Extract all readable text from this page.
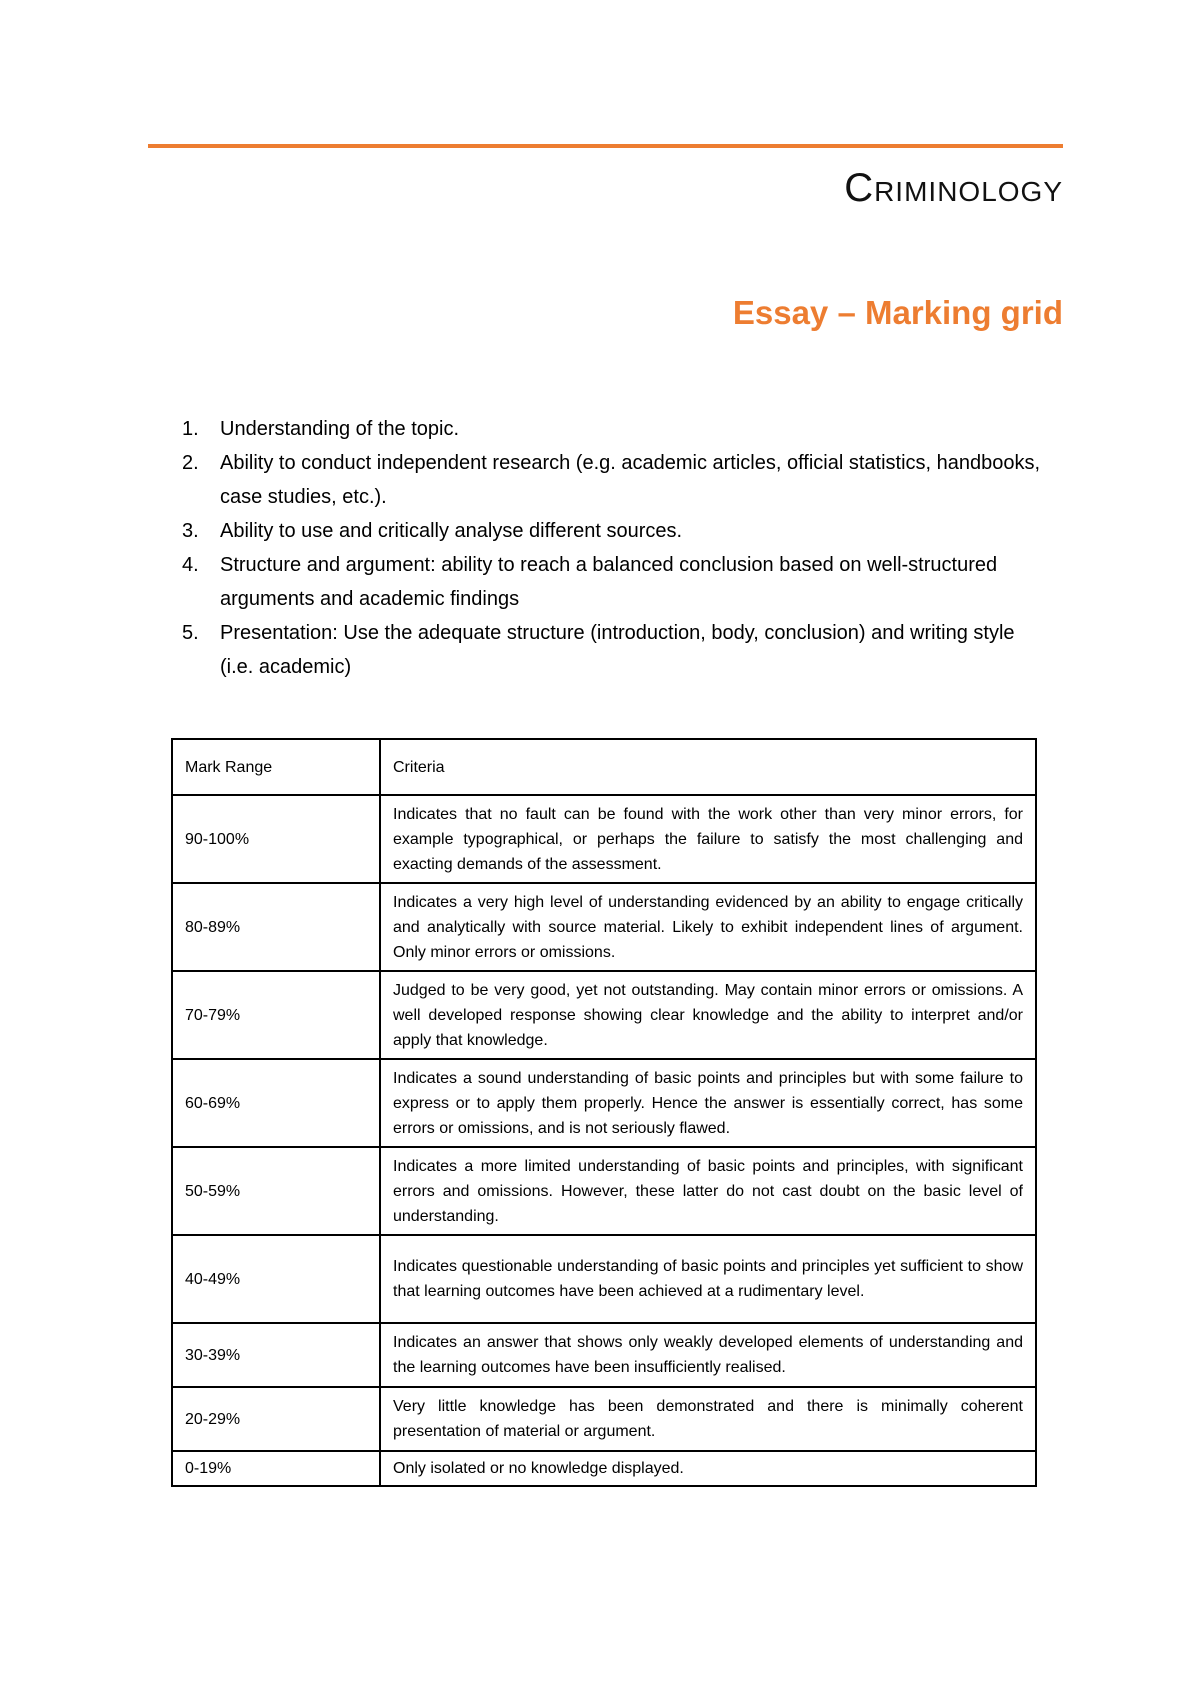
Criminology
Essay – Marking grid
1. Understanding of the topic.
2. Ability to conduct independent research (e.g. academic articles, official statistics, handbooks, case studies, etc.).
3. Ability to use and critically analyse different sources.
4. Structure and argument: ability to reach a balanced conclusion based on well-structured arguments and academic findings
5. Presentation: Use the adequate structure (introduction, body, conclusion) and writing style (i.e. academic)
Mark Range	Criteria
90-100%	Indicates that no fault can be found with the work other than very minor errors, for example typographical, or perhaps the failure to satisfy the most challenging and exacting demands of the assessment.
80-89%	Indicates a very high level of understanding evidenced by an ability to engage critically and analytically with source material. Likely to exhibit independent lines of argument. Only minor errors or omissions.
70-79%	Judged to be very good, yet not outstanding. May contain minor errors or omissions. A well developed response showing clear knowledge and the ability to interpret and/or apply that knowledge.
60-69%	Indicates a sound understanding of basic points and principles but with some failure to express or to apply them properly. Hence the answer is essentially correct, has some errors or omissions, and is not seriously flawed.
50-59%	Indicates a more limited understanding of basic points and principles, with significant errors and omissions. However, these latter do not cast doubt on the basic level of understanding.
40-49%	Indicates questionable understanding of basic points and principles yet sufficient to show that learning outcomes have been achieved at a rudimentary level.
30-39%	Indicates an answer that shows only weakly developed elements of understanding and the learning outcomes have been insufficiently realised.
20-29%	Very little knowledge has been demonstrated and there is minimally coherent presentation of material or argument.
0-19%	Only isolated or no knowledge displayed.
